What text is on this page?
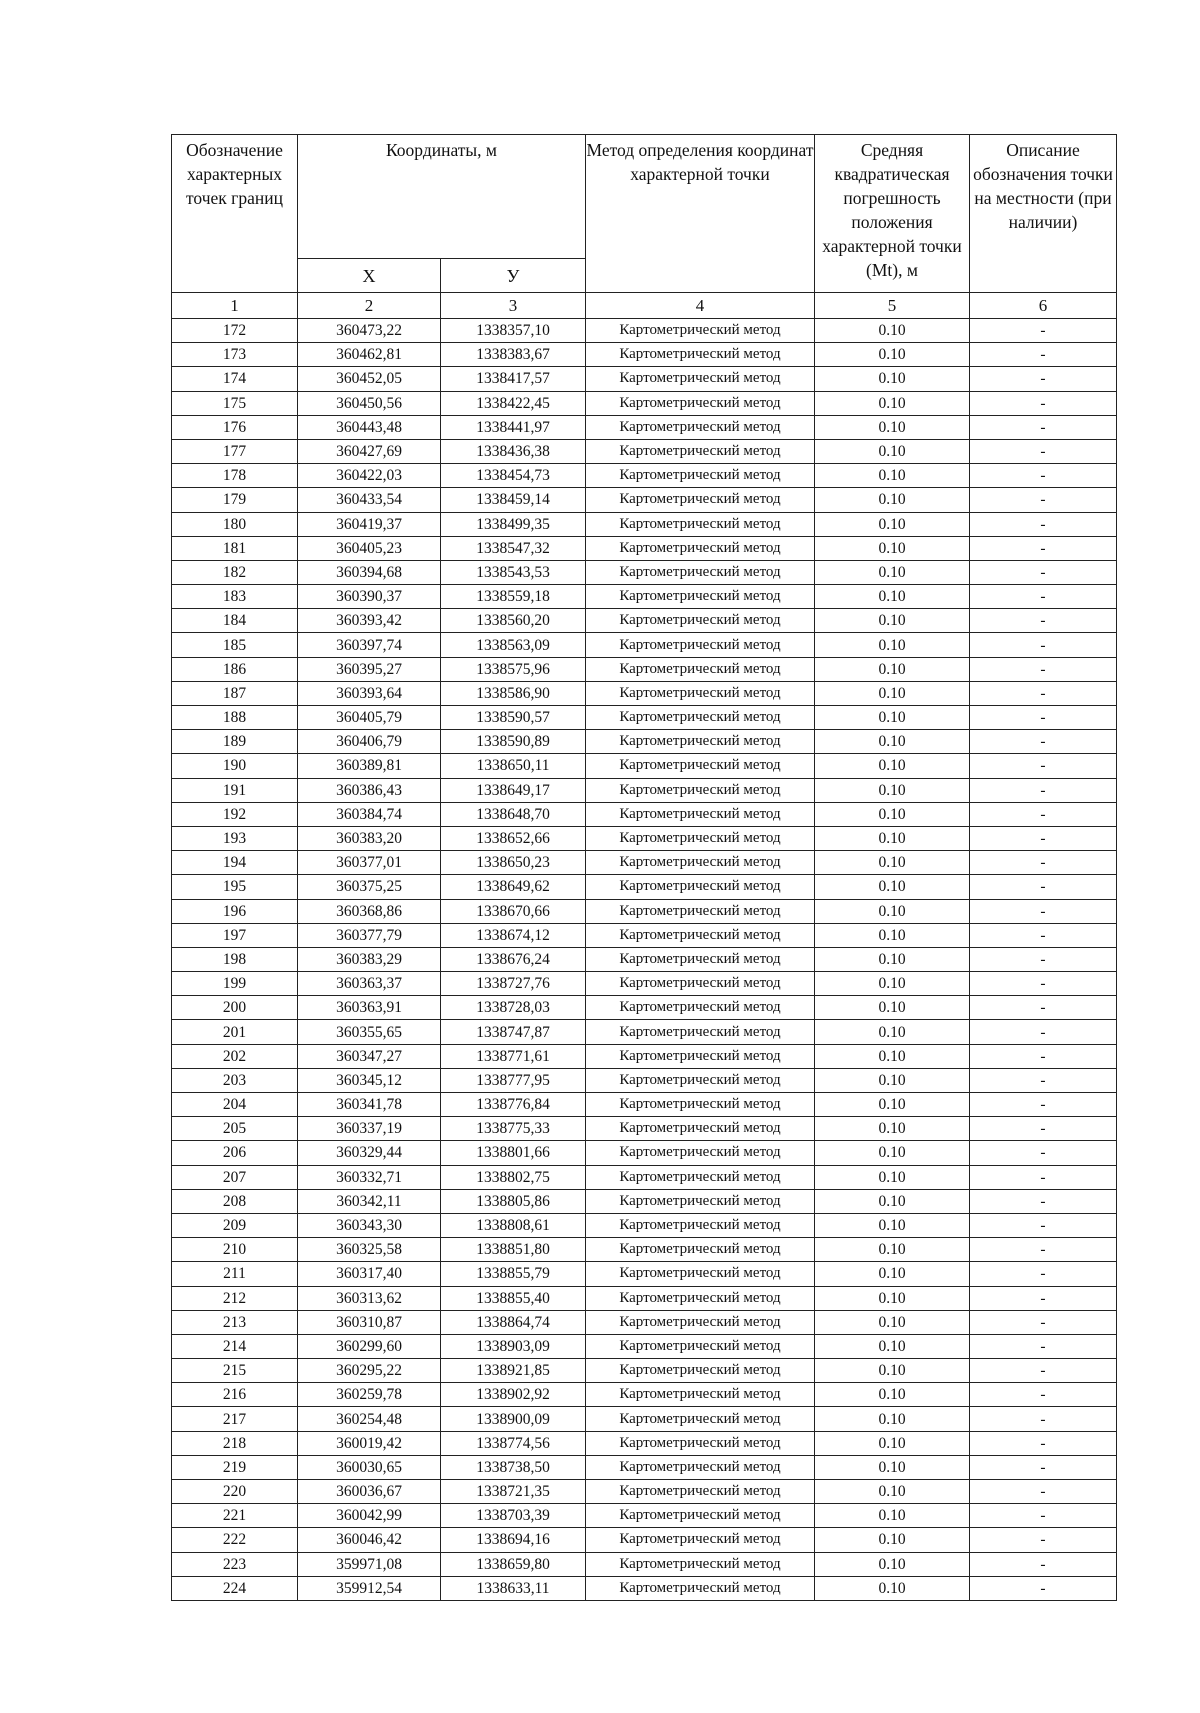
Обозначение характерных точек границ	Координаты, м		Метод определения координат характерной точки	Средняя квадратическая погрешность положения характерной точки (Mt), м	Описание обозначения точки на местности (при наличии)

	Х	У			
1	2	3	4	5	6
172	360473,22	1338357,10	Картометрический метод	0.10	-
173	360462,81	1338383,67	Картометрический метод	0.10	-
174	360452,05	1338417,57	Картометрический метод	0.10	-
175	360450,56	1338422,45	Картометрический метод	0.10	-
176	360443,48	1338441,97	Картометрический метод	0.10	-
177	360427,69	1338436,38	Картометрический метод	0.10	-
178	360422,03	1338454,73	Картометрический метод	0.10	-
179	360433,54	1338459,14	Картометрический метод	0.10	-
180	360419,37	1338499,35	Картометрический метод	0.10	-
181	360405,23	1338547,32	Картометрический метод	0.10	-
182	360394,68	1338543,53	Картометрический метод	0.10	-
183	360390,37	1338559,18	Картометрический метод	0.10	-
184	360393,42	1338560,20	Картометрический метод	0.10	-
185	360397,74	1338563,09	Картометрический метод	0.10	-
186	360395,27	1338575,96	Картометрический метод	0.10	-
187	360393,64	1338586,90	Картометрический метод	0.10	-
188	360405,79	1338590,57	Картометрический метод	0.10	-
189	360406,79	1338590,89	Картометрический метод	0.10	-
190	360389,81	1338650,11	Картометрический метод	0.10	-
191	360386,43	1338649,17	Картометрический метод	0.10	-
192	360384,74	1338648,70	Картометрический метод	0.10	-
193	360383,20	1338652,66	Картометрический метод	0.10	-
194	360377,01	1338650,23	Картометрический метод	0.10	-
195	360375,25	1338649,62	Картометрический метод	0.10	-
196	360368,86	1338670,66	Картометрический метод	0.10	-
197	360377,79	1338674,12	Картометрический метод	0.10	-
198	360383,29	1338676,24	Картометрический метод	0.10	-
199	360363,37	1338727,76	Картометрический метод	0.10	-
200	360363,91	1338728,03	Картометрический метод	0.10	-
201	360355,65	1338747,87	Картометрический метод	0.10	-
202	360347,27	1338771,61	Картометрический метод	0.10	-
203	360345,12	1338777,95	Картометрический метод	0.10	-
204	360341,78	1338776,84	Картометрический метод	0.10	-
205	360337,19	1338775,33	Картометрический метод	0.10	-
206	360329,44	1338801,66	Картометрический метод	0.10	-
207	360332,71	1338802,75	Картометрический метод	0.10	-
208	360342,11	1338805,86	Картометрический метод	0.10	-
209	360343,30	1338808,61	Картометрический метод	0.10	-
210	360325,58	1338851,80	Картометрический метод	0.10	-
211	360317,40	1338855,79	Картометрический метод	0.10	-
212	360313,62	1338855,40	Картометрический метод	0.10	-
213	360310,87	1338864,74	Картометрический метод	0.10	-
214	360299,60	1338903,09	Картометрический метод	0.10	-
215	360295,22	1338921,85	Картометрический метод	0.10	-
216	360259,78	1338902,92	Картометрический метод	0.10	-
217	360254,48	1338900,09	Картометрический метод	0.10	-
218	360019,42	1338774,56	Картометрический метод	0.10	-
219	360030,65	1338738,50	Картометрический метод	0.10	-
220	360036,67	1338721,35	Картометрический метод	0.10	-
221	360042,99	1338703,39	Картометрический метод	0.10	-
222	360046,42	1338694,16	Картометрический метод	0.10	-
223	359971,08	1338659,80	Картометрический метод	0.10	-
224	359912,54	1338633,11	Картометрический метод	0.10	-
